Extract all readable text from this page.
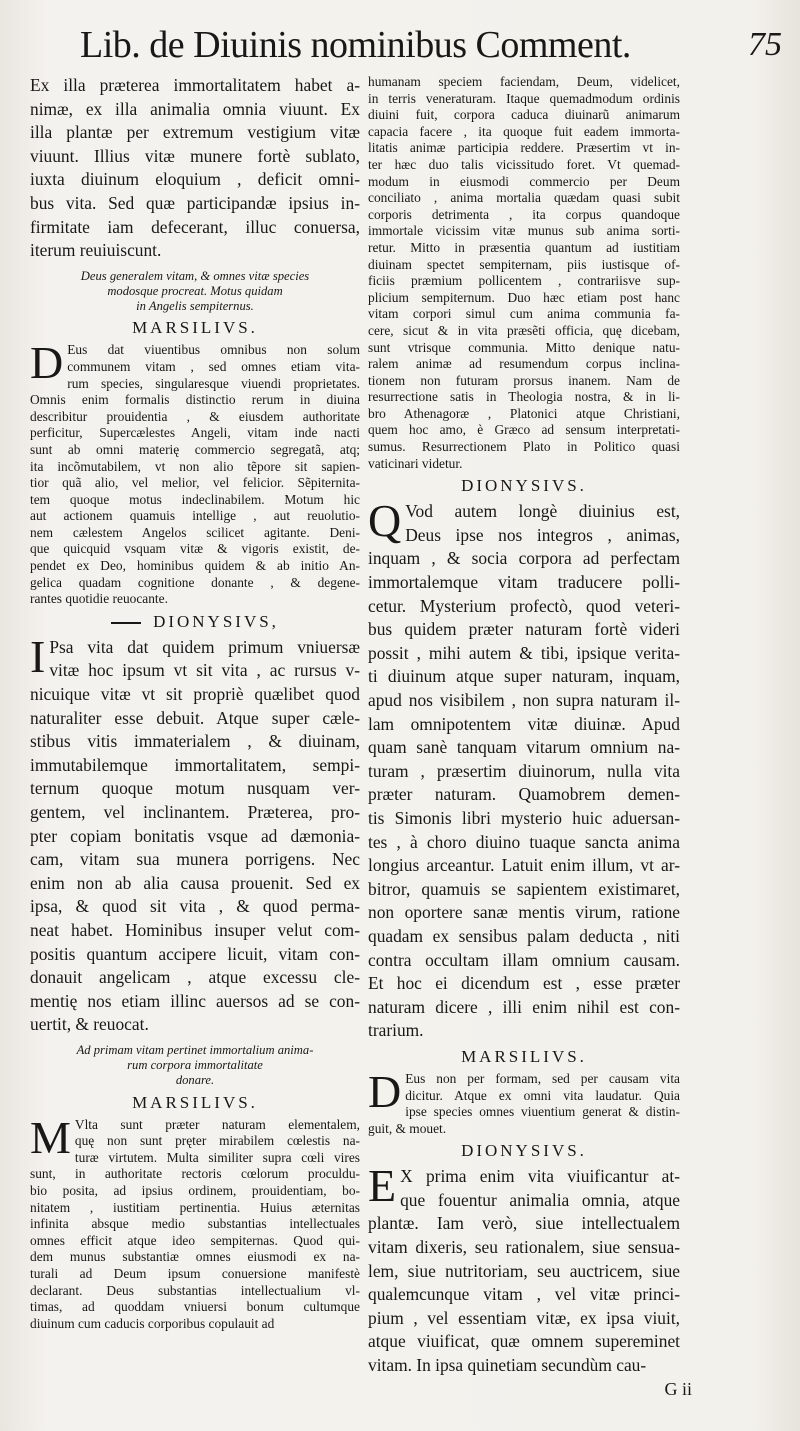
Lib. de Diuinis nominibus Comment.	75
Ex illa præterea immortalitatem habet a-
nimæ, ex illa animalia omnia viuunt. Ex
illa plantæ per extremum vestigium vitæ
viuunt. Illius vitæ munere fortè sublato,
iuxta diuinum eloquium , deficit omni-
bus vita. Sed quæ participandæ ipsius in-
firmitate iam defecerant, illuc conuersa,
iterum reuiuiscunt.
Deus generalem vitam, & omnes vitæ species
modosque procreat. Motus quidam
in Angelis sempiternus.
MARSILIVS.
D Eus dat viuentibus omnibus non solum
communem vitam , sed omnes etiam vita-
rum species, singularesque viuendi proprietates.
Omnis enim formalis distinctio rerum in diuina
describitur prouidentia , & eiusdem authoritate
perficitur, Supercælestes Angeli, vitam inde nacti
sunt ab omni materię commercio segregatã, atq;
ita incõmutabilem, vt non alio tẽpore sit sapien-
tior quã alio, vel melior, vel felicior. Sẽpiternita-
tem quoque motus indeclinabilem. Motum hic
aut actionem quamuis intellige , aut reuolutio-
nem cælestem Angelos scilicet agitante. Deni-
que quicquid vsquam vitæ & vigoris existit, de-
pendet ex Deo, hominibus quidem & ab initio An-
gelica quadam cognitione donante , & degene-
rantes quotidie reuocante.
DIONYSIVS,
I Psa vita dat quidem primum vniuersæ
vitæ hoc ipsum vt sit vita , ac rursus v-
nicuique vitæ vt sit propriè quælibet quod
naturaliter esse debuit. Atque super cæle-
stibus vitis immaterialem , & diuinam,
immutabilemque immortalitatem, sempi-
ternum quoque motum nusquam ver-
gentem, vel inclinantem. Præterea, pro-
pter copiam bonitatis vsque ad dæmonia-
cam, vitam sua munera porrigens. Nec
enim non ab alia causa prouenit. Sed ex
ipsa, & quod sit vita , & quod perma-
neat habet. Hominibus insuper velut com-
positis quantum accipere licuit, vitam con-
donauit angelicam , atque excessu cle-
mentię nos etiam illinc auersos ad se con-
uertit, & reuocat.
Ad primam vitam pertinet immortalium anima-
rum corpora immortalitate
donare.
MARSILIVS.
M Vlta sunt præter naturam elementalem,
quę non sunt pręter mirabilem cœlestis na-
turæ virtutem. Multa similiter supra cœli vires
sunt, in authoritate rectoris cœlorum proculdu-
bio posita, ad ipsius ordinem, prouidentiam, bo-
nitatem , iustitiam pertinentia. Huius æternitas
infinita absque medio substantias intellectuales
omnes efficit atque ideo sempiternas. Quod qui-
dem munus substantiæ omnes eiusmodi ex na-
turali ad Deum ipsum conuersione manifestè
declarant. Deus substantias intellectualium vl-
timas, ad quoddam vniuersi bonum cultumque
diuinum cum caducis corporibus copulauit ad
humanam speciem faciendam, Deum, videlicet,
in terris veneraturam. Itaque quemadmodum ordinis
diuini fuit, corpora caduca diuinarũ animarum
capacia facere , ita quoque fuit eadem immorta-
litatis animæ participia reddere. Præsertim vt in-
ter hæc duo talis vicissitudo foret. Vt quemad-
modum in eiusmodi commercio per Deum
conciliato , anima mortalia quædam quasi subit
corporis detrimenta , ita corpus quandoque
immortale vicissim vitæ munus sub anima sorti-
retur. Mitto in præsentia quantum ad iustitiam
diuinam spectet sempiternam, piis iustisque of-
ficiis præmium pollicentem , contrariisve sup-
plicium sempiternum. Duo hæc etiam post hanc
vitam corpori simul cum anima communia fa-
cere, sicut & in vita præsẽti officia, quę dicebam,
sunt vtrisque communia. Mitto denique natu-
ralem animæ ad resumendum corpus inclina-
tionem non futuram prorsus inanem. Nam de
resurrectione satis in Theologia nostra, & in li-
bro Athenagoræ , Platonici atque Christiani,
quem hoc amo, è Græco ad sensum interpretati-
sumus. Resurrectionem Plato in Politico quasi
vaticinari videtur.
DIONYSIVS.
Q Vod autem longè diuinius est,
Deus ipse nos integros , animas,
inquam , & socia corpora ad perfectam
immortalemque vitam traducere polli-
cetur. Mysterium profectò, quod veteri-
bus quidem præter naturam fortè videri
possit , mihi autem & tibi, ipsique verita-
ti diuinum atque super naturam, inquam,
apud nos visibilem , non supra naturam il-
lam omnipotentem vitæ diuinæ. Apud
quam sanè tanquam vitarum omnium na-
turam , præsertim diuinorum, nulla vita
præter naturam. Quamobrem demen-
tis Simonis libri mysterio huic aduersan-
tes , à choro diuino tuaque sancta anima
longius arceantur. Latuit enim illum, vt ar-
bitror, quamuis se sapientem existimaret,
non oportere sanæ mentis virum, ratione
quadam ex sensibus palam deducta , niti
contra occultam illam omnium causam.
Et hoc ei dicendum est , esse præter
naturam dicere , illi enim nihil est con-
trarium.
MARSILIVS.
D Eus non per formam, sed per causam vita
dicitur. Atque ex omni vita laudatur. Quia
ipse species omnes viuentium generat & distin-
guit, & mouet.
DIONYSIVS.
E X prima enim vita viuificantur at-
que fouentur animalia omnia, atque
plantæ. Iam verò, siue intellectualem
vitam dixeris, seu rationalem, siue sensua-
lem, siue nutritoriam, seu auctricem, siue
qualemcunque vitam , vel vitæ princi-
pium , vel essentiam vitæ, ex ipsa viuit,
atque viuificat, quæ omnem supereminet
vitam. In ipsa quinetiam secundùm cau-
G ii
